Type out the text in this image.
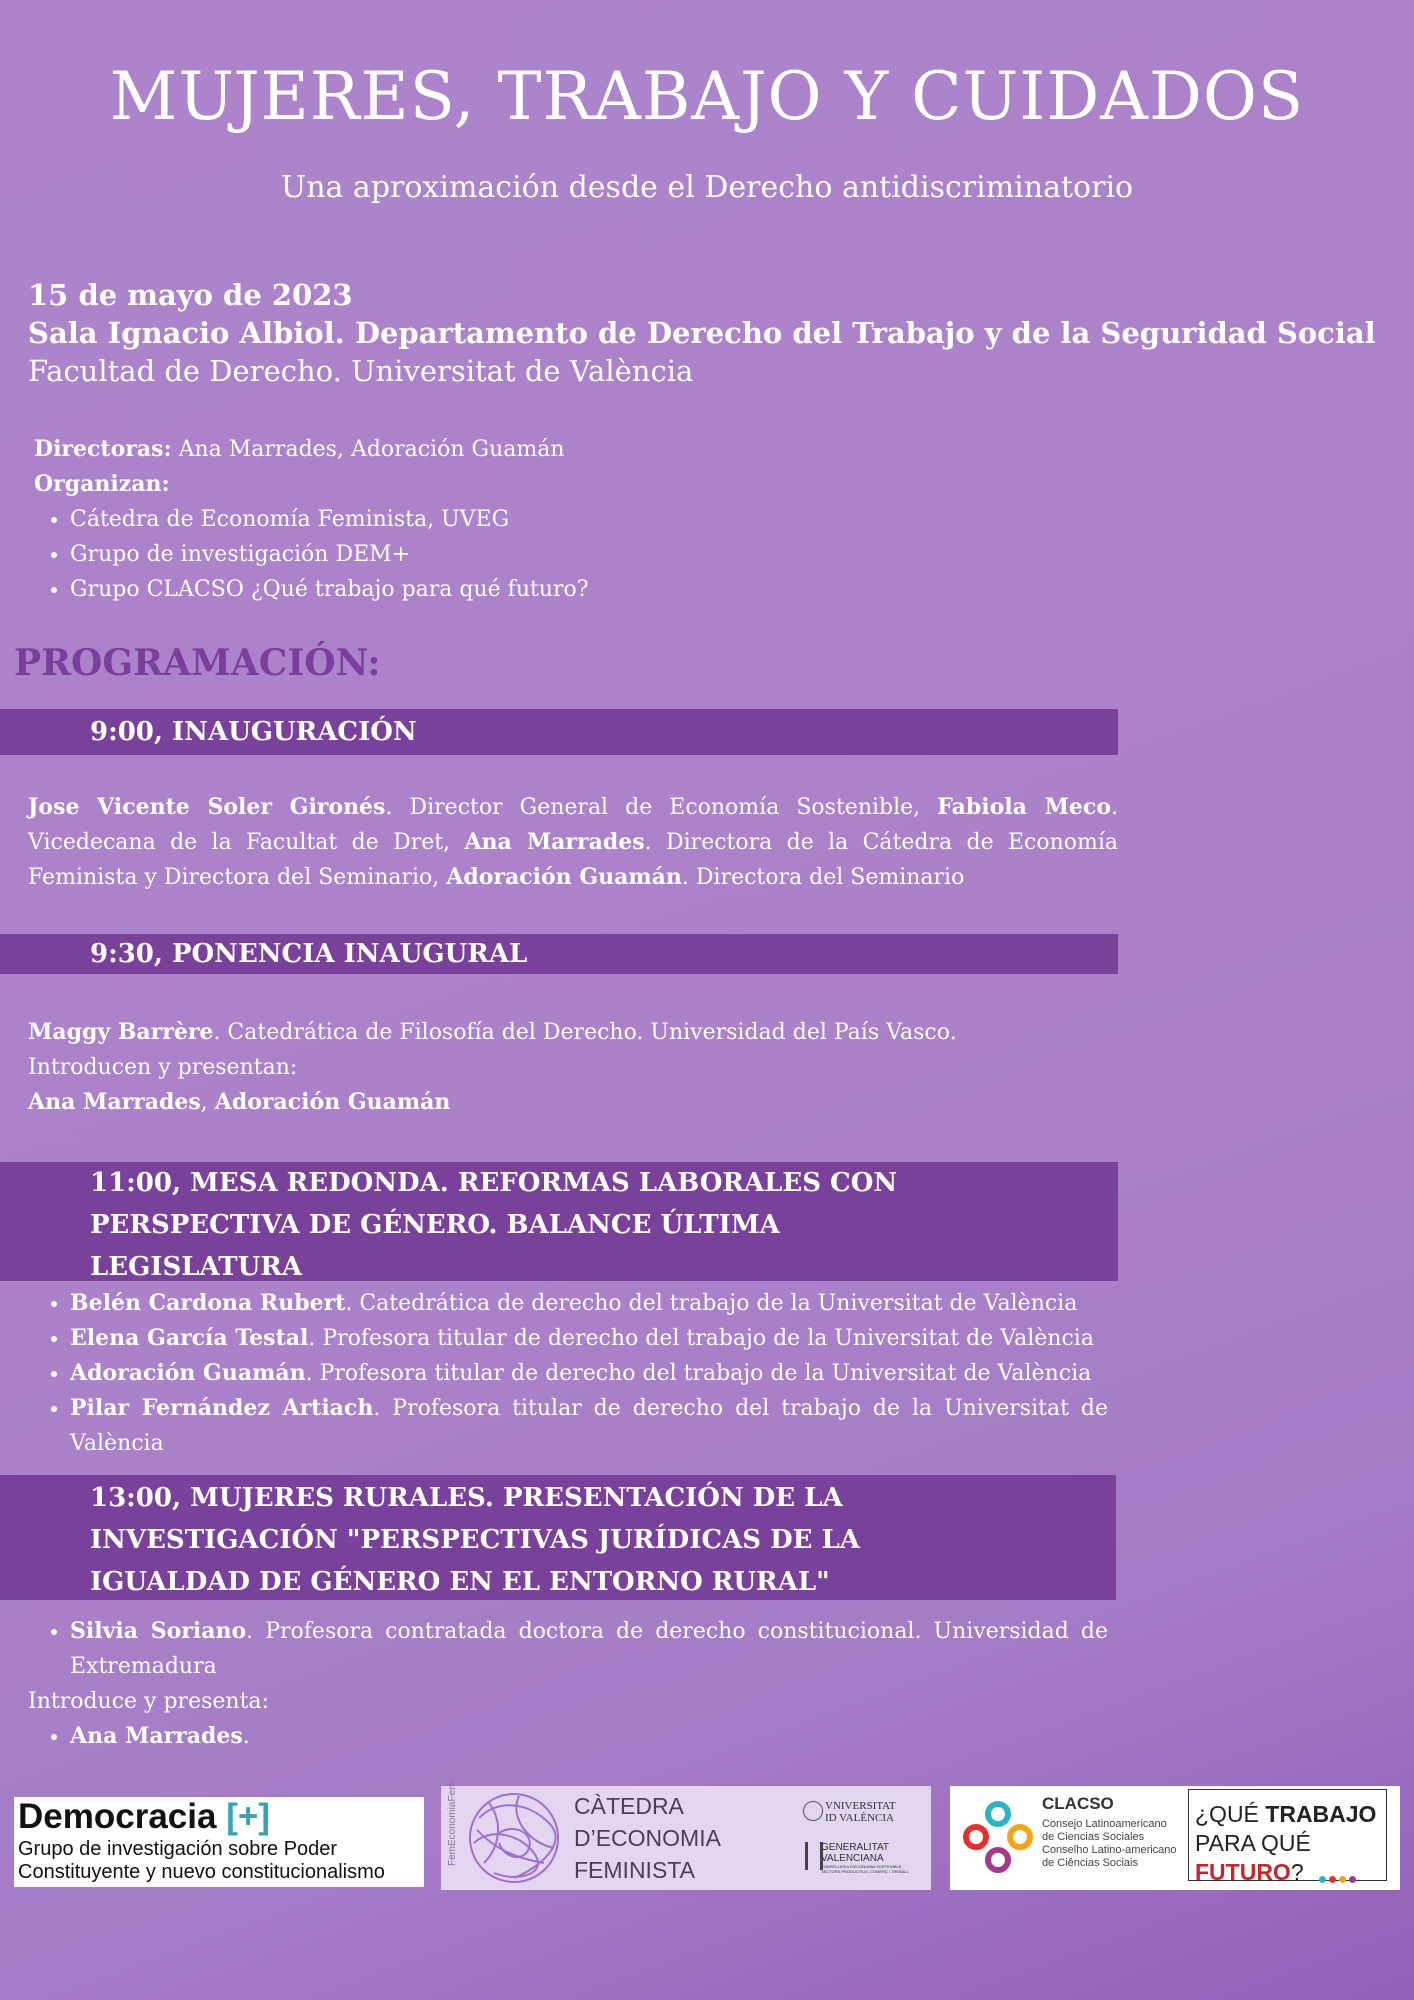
MUJERES, TRABAJO Y CUIDADOS
Una aproximación desde el Derecho antidiscriminatorio
15 de mayo de 2023
Sala Ignacio Albiol. Departamento de Derecho del Trabajo y de la Seguridad Social
Facultad de Derecho. Universitat de València
Directoras: Ana Marrades, Adoración Guamán
Organizan:
• Cátedra de Economía Feminista, UVEG
• Grupo de investigación DEM+
• Grupo CLACSO ¿Qué trabajo para qué futuro?
PROGRAMACIÓN:
9:00, INAUGURACIÓN
Jose Vicente Soler Gironés. Director General de Economía Sostenible, Fabiola Meco. Vicedecana de la Facultat de Dret, Ana Marrades. Directora de la Cátedra de Economía Feminista y Directora del Seminario, Adoración Guamán. Directora del Seminario
9:30, PONENCIA INAUGURAL
Maggy Barrère. Catedrática de Filosofía del Derecho. Universidad del País Vasco.
Introducen y presentan:
Ana Marrades, Adoración Guamán
11:00, MESA REDONDA. REFORMAS LABORALES CON
PERSPECTIVA DE GÉNERO. BALANCE ÚLTIMA
LEGISLATURA
• Belén Cardona Rubert. Catedrática de derecho del trabajo de la Universitat de València
• Elena García Testal. Profesora titular de derecho del trabajo de la Universitat de València
• Adoración Guamán. Profesora titular de derecho del trabajo de la Universitat de València
• Pilar Fernández Artiach. Profesora titular de derecho del trabajo de la Universitat de València
13:00, MUJERES RURALES. PRESENTACIÓN DE LA
INVESTIGACIÓN "PERSPECTIVAS JURÍDICAS DE LA
IGUALDAD DE GÉNERO EN EL ENTORNO RURAL"
• Silvia Soriano. Profesora contratada doctora de derecho constitucional. Universidad de Extremadura
Introduce y presenta:
• Ana Marrades.
Democracia [+]
Grupo de investigación sobre Poder
Constituyente y nuevo constitucionalismo
FemEconomiaFemi	CÀTEDRA
D’ECONOMIA
FEMINISTA
VNIVERSITAT
ID VALÈNCIA
GENERALITAT
VALENCIANA
CONSELLERIA D'ECONOMIA SOSTENIBLE, SECTORS PRODUCTIUS, COMERÇ I TREBALL
CLACSO
Consejo Latinoamericano
de Ciencias Sociales
Conselho Latino-americano
de Ciências Sociais
¿QUÉ TRABAJO
PARA QUÉ FUTURO?
